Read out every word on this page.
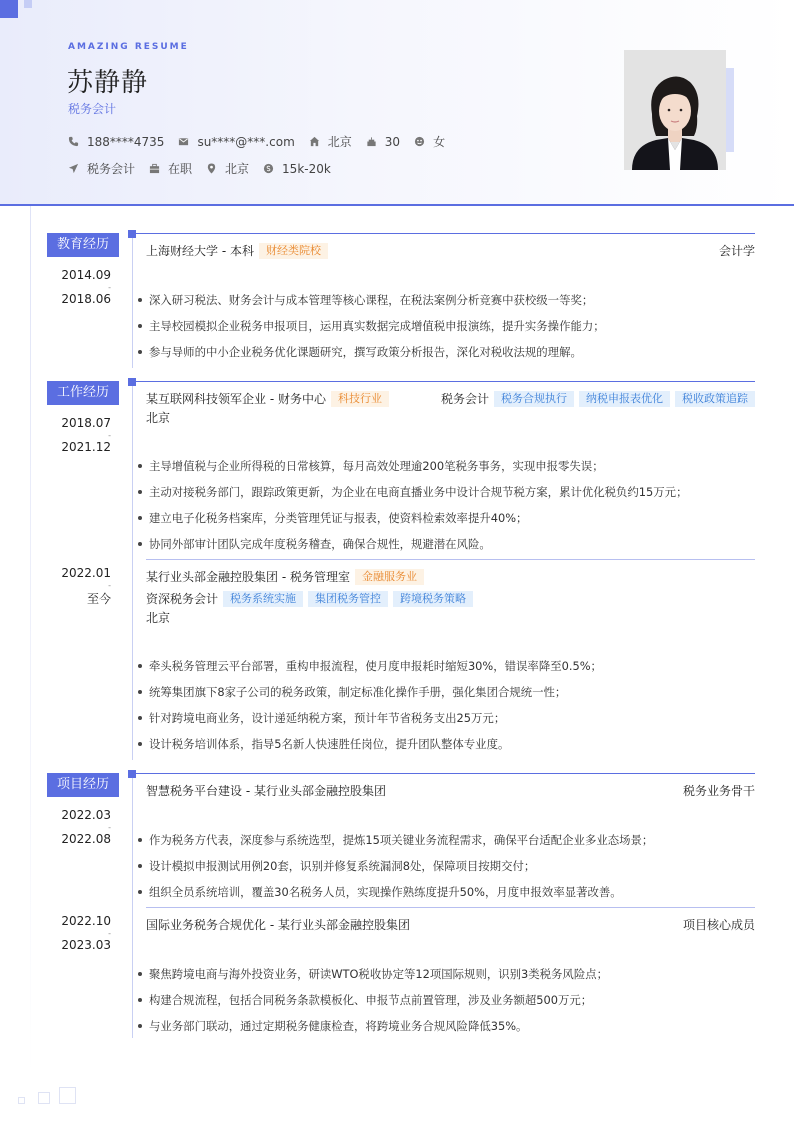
AMAZING RESUME
苏静静
税务会计
188****4735	su****@***.com	北京	30	女
税务会计	在职	北京	15k-20k
教育经历
2014.09
-
2018.06
上海财经大学 - 本科	财经类院校	会计学
深入研习税法、财务会计与成本管理等核心课程，在税法案例分析竞赛中获校级一等奖；
主导校园模拟企业税务申报项目，运用真实数据完成增值税申报演练，提升实务操作能力；
参与导师的中小企业税务优化课题研究，撰写政策分析报告，深化对税收法规的理解。
工作经历
2018.07
-
2021.12
某互联网科技领军企业 - 财务中心	科技行业	税务会计	税务合规执行	纳税申报表优化	税收政策追踪
北京
主导增值税与企业所得税的日常核算，每月高效处理逾200笔税务事务，实现申报零失误；
主动对接税务部门，跟踪政策更新，为企业在电商直播业务中设计合规节税方案，累计优化税负约15万元；
建立电子化税务档案库，分类管理凭证与报表，使资料检索效率提升40%；
协同外部审计团队完成年度税务稽查，确保合规性，规避潜在风险。
2022.01
-
至今
某行业头部金融控股集团 - 税务管理室	金融服务业
资深税务会计	税务系统实施	集团税务管控	跨境税务策略
北京
牵头税务管理云平台部署，重构申报流程，使月度申报耗时缩短30%，错误率降至0.5%；
统筹集团旗下8家子公司的税务政策，制定标准化操作手册，强化集团合规统一性；
针对跨境电商业务，设计递延纳税方案，预计年节省税务支出25万元；
设计税务培训体系，指导5名新人快速胜任岗位，提升团队整体专业度。
项目经历
2022.03
-
2022.08
智慧税务平台建设 - 某行业头部金融控股集团	税务业务骨干
作为税务方代表，深度参与系统选型，提炼15项关键业务流程需求，确保平台适配企业多业态场景；
设计模拟申报测试用例20套，识别并修复系统漏洞8处，保障项目按期交付；
组织全员系统培训，覆盖30名税务人员，实现操作熟练度提升50%，月度申报效率显著改善。
2022.10
-
2023.03
国际业务税务合规优化 - 某行业头部金融控股集团	项目核心成员
聚焦跨境电商与海外投资业务，研读WTO税收协定等12项国际规则，识别3类税务风险点；
构建合规流程，包括合同税务条款模板化、申报节点前置管理，涉及业务额超500万元；
与业务部门联动，通过定期税务健康检查，将跨境业务合规风险降低35%。
